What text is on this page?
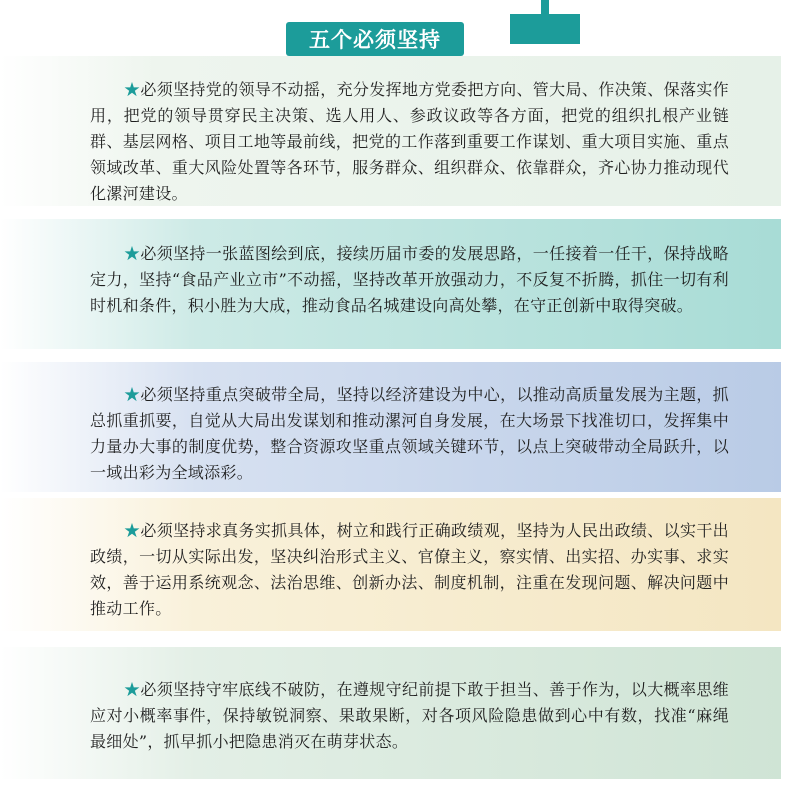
五个必须坚持

★必须坚持党的领导不动摇，充分发挥地方党委把方向、管大局、作决策、保落实作用，把党的领导贯穿民主决策、选人用人、参政议政等各方面，把党的组织扎根产业链群、基层网格、项目工地等最前线，把党的工作落到重要工作谋划、重大项目实施、重点领域改革、重大风险处置等各环节，服务群众、组织群众、依靠群众，齐心协力推动现代化漯河建设。

★必须坚持一张蓝图绘到底，接续历届市委的发展思路，一任接着一任干，保持战略定力，坚持“食品产业立市”不动摇，坚持改革开放强动力，不反复不折腾，抓住一切有利时机和条件，积小胜为大成，推动食品名城建设向高处攀，在守正创新中取得突破。

★必须坚持重点突破带全局，坚持以经济建设为中心，以推动高质量发展为主题，抓总抓重抓要，自觉从大局出发谋划和推动漯河自身发展，在大场景下找准切口，发挥集中力量办大事的制度优势，整合资源攻坚重点领域关键环节，以点上突破带动全局跃升，以一域出彩为全域添彩。

★必须坚持求真务实抓具体，树立和践行正确政绩观，坚持为人民出政绩、以实干出政绩，一切从实际出发，坚决纠治形式主义、官僚主义，察实情、出实招、办实事、求实效，善于运用系统观念、法治思维、创新办法、制度机制，注重在发现问题、解决问题中推动工作。

★必须坚持守牢底线不破防，在遵规守纪前提下敢于担当、善于作为，以大概率思维应对小概率事件，保持敏锐洞察、果敢果断，对各项风险隐患做到心中有数，找准“麻绳最细处”，抓早抓小把隐患消灭在萌芽状态。
